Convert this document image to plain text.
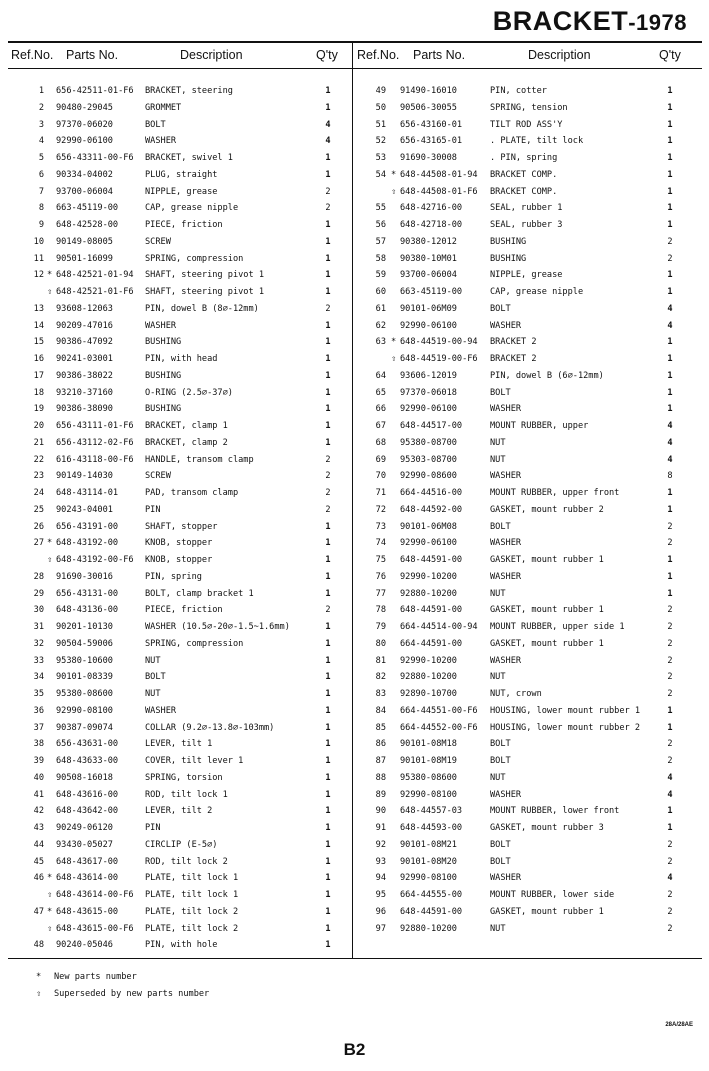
BRACKET-1978
Ref.No. Parts No.	Description	Q'ty Ref.No. Parts No.	Description	Q'ty
1 656-42511-01-F6 BRACKET, steering	1
2 90480-29045	GROMMET	1
3 97370-06020	BOLT	4
4 92990-06100	WASHER	4
5 656-43311-00-F6 BRACKET, swivel 1	1
6 90334-04002	PLUG, straight	1
7 93700-06004	NIPPLE, grease	2
8 663-45119-00	CAP, grease nipple	2
9 648-42528-00	PIECE, friction	1
10 90149-08005	SCREW	1
11 90501-16099	SPRING, compression	1
12 * 648-42521-01-94 SHAFT, steering pivot 1	1
⇧ 648-42521-01-F6 SHAFT, steering pivot 1	1
13 93608-12063	PIN, dowel B (8∅-12mm)	2
14 90209-47016	WASHER	1
15 90386-47092	BUSHING	1
16 90241-03001	PIN, with head	1
17 90386-38022	BUSHING	1
18 93210-37160	O-RING (2.5∅-37∅)	1
19 90386-38090	BUSHING	1
20 656-43111-01-F6 BRACKET, clamp 1	1
21 656-43112-02-F6 BRACKET, clamp 2	1
22 616-43118-00-F6 HANDLE, transom clamp	2
23 90149-14030	SCREW	2
24 648-43114-01	PAD, transom clamp	2
25 90243-04001	PIN	2
26 656-43191-00	SHAFT, stopper	1
27 * 648-43192-00	KNOB, stopper	1
⇧ 648-43192-00-F6 KNOB, stopper	1
28 91690-30016	PIN, spring	1
29 656-43131-00	BOLT, clamp bracket 1	1
30 648-43136-00	PIECE, friction	2
31 90201-10130	WASHER (10.5∅-20∅-1.5~1.6mm)	1
32 90504-59006	SPRING, compression	1
33 95380-10600	NUT	1
34 90101-08339	BOLT	1
35 95380-08600	NUT	1
36 92990-08100	WASHER	1
37 90387-09074	COLLAR (9.2∅-13.8∅-103mm)	1
38 656-43631-00	LEVER, tilt 1	1
39 648-43633-00	COVER, tilt lever 1	1
40 90508-16018	SPRING, torsion	1
41 648-43616-00	ROD, tilt lock 1	1
42 648-43642-00	LEVER, tilt 2	1
43 90249-06120	PIN	1
44 93430-05027	CIRCLIP (E-5∅)	1
45 648-43617-00	ROD, tilt lock 2	1
46 * 648-43614-00	PLATE, tilt lock 1	1
⇧ 648-43614-00-F6 PLATE, tilt lock 1	1
47 * 648-43615-00	PLATE, tilt lock 2	1
⇧ 648-43615-00-F6 PLATE, tilt lock 2	1
48 90240-05046	PIN, with hole	1
49 91490-16010	PIN, cotter	1
50 90506-30055	SPRING, tension	1
51 656-43160-01	TILT ROD ASS'Y	1
52 656-43165-01	. PLATE, tilt lock	1
53 91690-30008	. PIN, spring	1
54 * 648-44508-01-94 BRACKET COMP.	1
⇧ 648-44508-01-F6 BRACKET COMP.	1
55 648-42716-00	SEAL, rubber 1	1
56 648-42718-00	SEAL, rubber 3	1
57 90380-12012	BUSHING	2
58 90380-10M01	BUSHING	2
59 93700-06004	NIPPLE, grease	1
60 663-45119-00	CAP, grease nipple	1
61 90101-06M09	BOLT	4
62 92990-06100	WASHER	4
63 * 648-44519-00-94 BRACKET 2	1
⇧ 648-44519-00-F6 BRACKET 2	1
64 93606-12019	PIN, dowel B (6∅-12mm)	1
65 97370-06018	BOLT	1
66 92990-06100	WASHER	1
67 648-44517-00	MOUNT RUBBER, upper	4
68 95380-08700	NUT	4
69 95303-08700	NUT	4
70 92990-08600	WASHER	8
71 664-44516-00	MOUNT RUBBER, upper front	1
72 648-44592-00	GASKET, mount rubber 2	1
73 90101-06M08	BOLT	2
74 92990-06100	WASHER	2
75 648-44591-00	GASKET, mount rubber 1	1
76 92990-10200	WASHER	1
77 92880-10200	NUT	1
78 648-44591-00	GASKET, mount rubber 1	2
79 664-44514-00-94 MOUNT RUBBER, upper side 1	2
80 664-44591-00	GASKET, mount rubber 1	2
81 92990-10200	WASHER	2
82 92880-10200	NUT	2
83 92890-10700	NUT, crown	2
84 664-44551-00-F6 HOUSING, lower mount rubber 1	1
85 664-44552-00-F6 HOUSING, lower mount rubber 2	1
86 90101-08M18	BOLT	2
87 90101-08M19	BOLT	2
88 95380-08600	NUT	4
89 92990-08100	WASHER	4
90 648-44557-03	MOUNT RUBBER, lower front	1
91 648-44593-00	GASKET, mount rubber 3	1
92 90101-08M21	BOLT	2
93 90101-08M20	BOLT	2
94 92990-08100	WASHER	4
95 664-44555-00	MOUNT RUBBER, lower side	2
96 648-44591-00	GASKET, mount rubber 1	2
97 92880-10200	NUT	2
* New parts number
⇧ Superseded by new parts number
28A/28AE
B2
